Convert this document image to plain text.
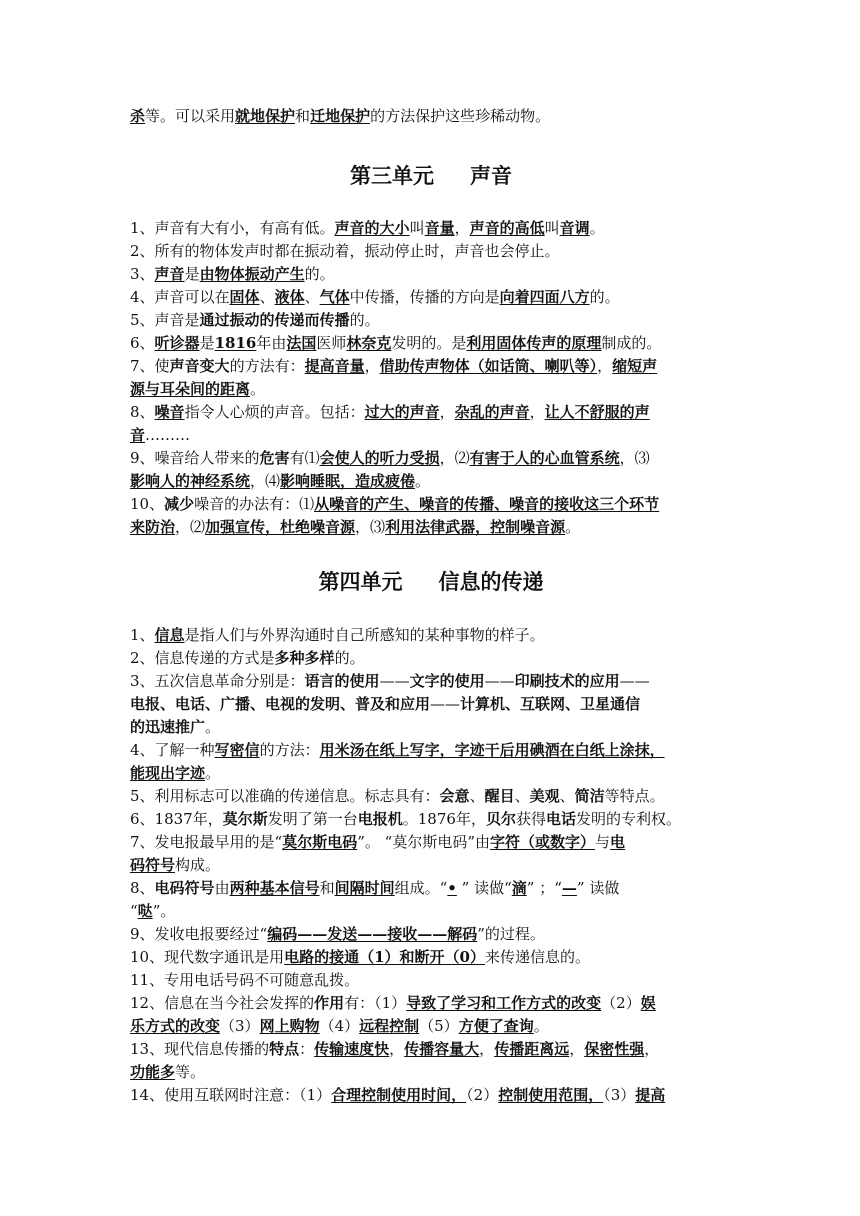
杀等。可以采用就地保护和迁地保护的方法保护这些珍稀动物。
第三单元 声音
1、声音有大有小，有高有低。声音的大小叫音量，声音的高低叫音调。
2、所有的物体发声时都在振动着，振动停止时，声音也会停止。
3、声音是由物体振动产生的。
4、声音可以在固体、液体、气体中传播，传播的方向是向着四面八方的。
5、声音是通过振动的传递而传播的。
6、听诊器是1816年由法国医师林奈克发明的。是利用固体传声的原理制成的。
7、使声音变大的方法有：提高音量，借助传声物体（如话筒、喇叭等），缩短声
源与耳朵间的距离。
8、噪音指令人心烦的声音。包括：过大的声音，杂乱的声音，让人不舒服的声
音………
9、噪音给人带来的危害有⑴会使人的听力受损，⑵有害于人的心血管系统，⑶
影响人的神经系统，⑷影响睡眠，造成疲倦。
10、减少噪音的办法有：⑴从噪音的产生、噪音的传播、噪音的接收这三个环节
来防治，⑵加强宣传，杜绝噪音源，⑶利用法律武器，控制噪音源。
第四单元 信息的传递
1、信息是指人们与外界沟通时自己所感知的某种事物的样子。
2、信息传递的方式是多种多样的。
3、五次信息革命分别是：语言的使用——文字的使用——印刷技术的应用——
电报、电话、广播、电视的发明、普及和应用——计算机、互联网、卫星通信
的迅速推广。
4、了解一种写密信的方法：用米汤在纸上写字，字迹干后用碘酒在白纸上涂抹，
能现出字迹。
5、利用标志可以准确的传递信息。标志具有：会意、醒目、美观、简洁等特点。
6、1837年，莫尔斯发明了第一台电报机。1876年，贝尔获得电话发明的专利权。
7、发电报最早用的是“莫尔斯电码”。 “莫尔斯电码”由字符（或数字）与电
码符号构成。
8、电码符号由两种基本信号和间隔时间组成。“• ” 读做“滴” ；“—” 读做
“哒”。
9、发收电报要经过“编码——发送——接收——解码”的过程。
10、现代数字通讯是用电路的接通（1）和断开（0）来传递信息的。
11、专用电话号码不可随意乱拨。
12、信息在当今社会发挥的作用有：（1）导致了学习和工作方式的改变（2）娱
乐方式的改变（3）网上购物（4）远程控制（5）方便了查询。
13、现代信息传播的特点：传输速度快，传播容量大，传播距离远，保密性强，
功能多等。
14、使用互联网时注意：（1）合理控制使用时间，（2）控制使用范围，（3）提高
